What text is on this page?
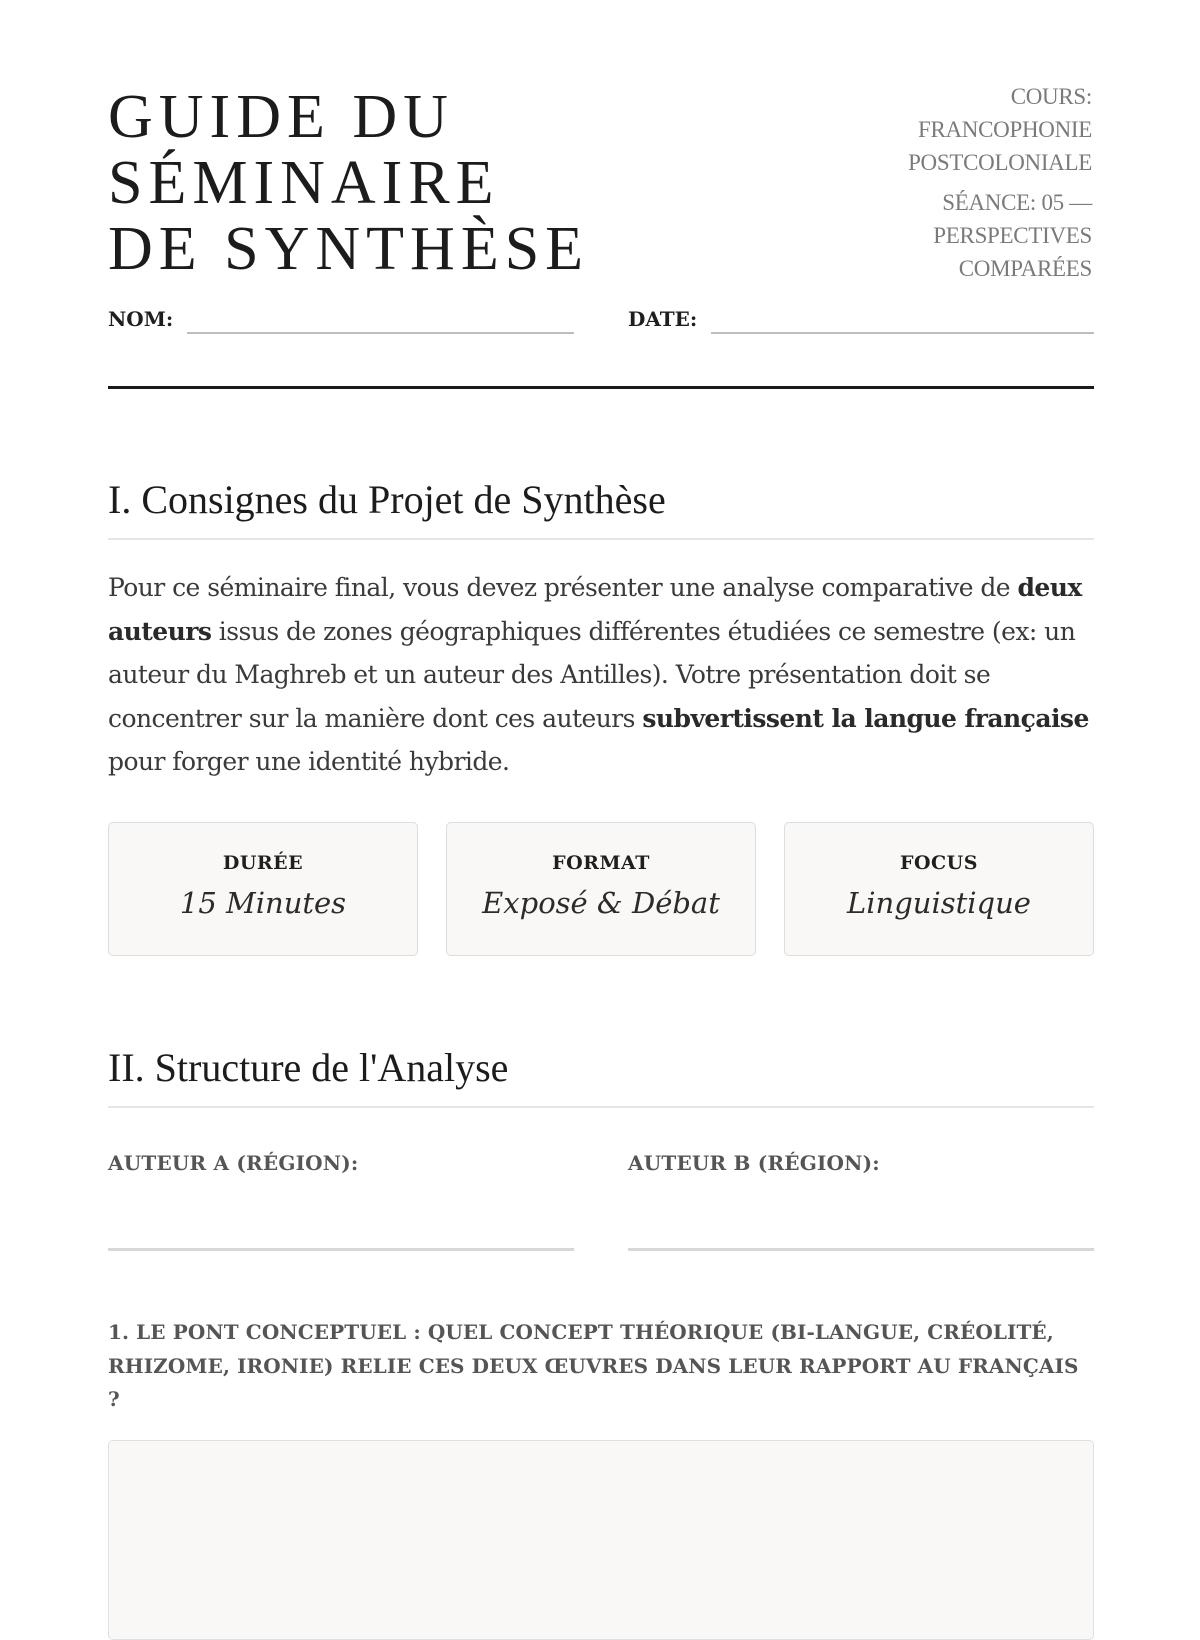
GUIDE DU SÉMINAIRE
DE SYNTHÈSE
COURS: FRANCOPHONIE
POSTCOLONIALE
SÉANCE: 05 —
PERSPECTIVES
COMPARÉES
NOM:	DATE:
I. Consignes du Projet de Synthèse

Pour ce séminaire final, vous devez présenter une analyse comparative de deux auteurs issus de zones géographiques différentes étudiées ce semestre (ex: un auteur du Maghreb et un auteur des Antilles). Votre présentation doit se concentrer sur la manière dont ces auteurs subvertissent la langue française pour forger une identité hybride.

DURÉE
15 Minutes
FORMAT
Exposé & Débat
FOCUS
Linguistique
II. Structure de l'Analyse
AUTEUR A (RÉGION):	AUTEUR B (RÉGION):

1. LE PONT CONCEPTUEL : QUEL CONCEPT THÉORIQUE (BI-LANGUE, CRÉOLITÉ, RHIZOME, IRONIE) RELIE CES DEUX ŒUVRES DANS LEUR RAPPORT AU FRANÇAIS ?
